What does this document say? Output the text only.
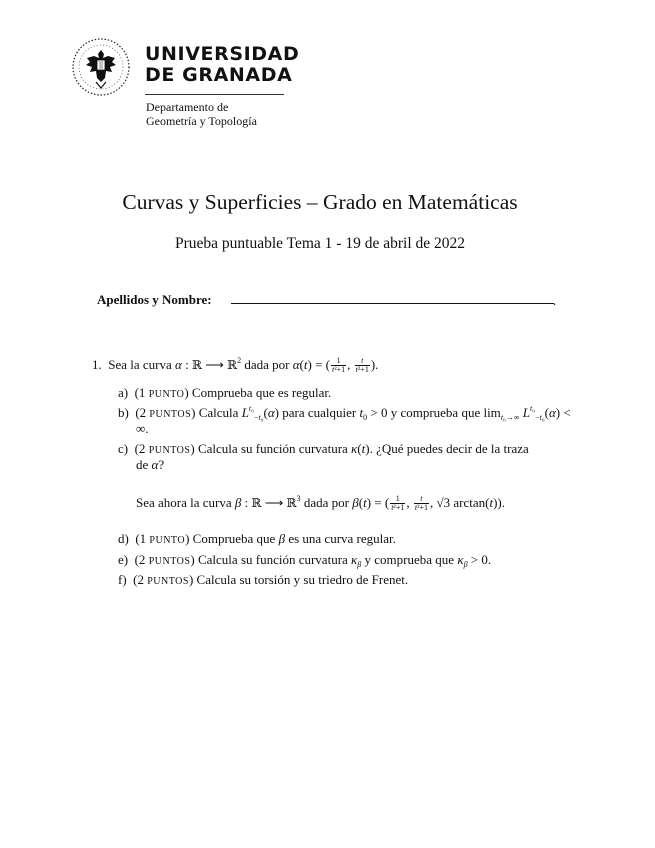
UNIVERSIDAD
DE GRANADA
Departamento de
Geometría y Topología
Curvas y Superficies – Grado en Matemáticas
Prueba puntuable Tema 1 - 19 de abril de 2022
Apellidos y Nombre:	.
1.  Sea la curva α : ℝ ⟶ ℝ$^2$ dada por α(t) = ( $\frac{1}{\text{t²+1}}$ , $\frac{t}{\text{t²+1}}$ ).
a)  (1 PUNTO) Comprueba que es regular.
b)  (2 PUNTOS) Calcula $L^{t_0}_{-t_0}(\alpha)$ para cualquier $t_0 > 0$ y comprueba que $\lim_{t_0\to\infty} L^{t_0}_{-t_0}(\alpha)$ <
∞.
c)  (2 PUNTOS) Calcula su función curvatura κ(t). ¿Qué puedes decir de la traza
de α?
Sea ahora la curva β : ℝ ⟶ ℝ$^3$ dada por β(t) = ( $\frac{1}{\text{t²+1}}$ , $\frac{t}{\text{t²+1}}$ , √3 arctan(t)).
d)  (1 PUNTO) Comprueba que β es una curva regular.
e)  (2 PUNTOS) Calcula su función curvatura $\kappa_\beta$ y comprueba que $\kappa_\beta > 0$.
f)  (2 PUNTOS) Calcula su torsión y su triedro de Frenet.
